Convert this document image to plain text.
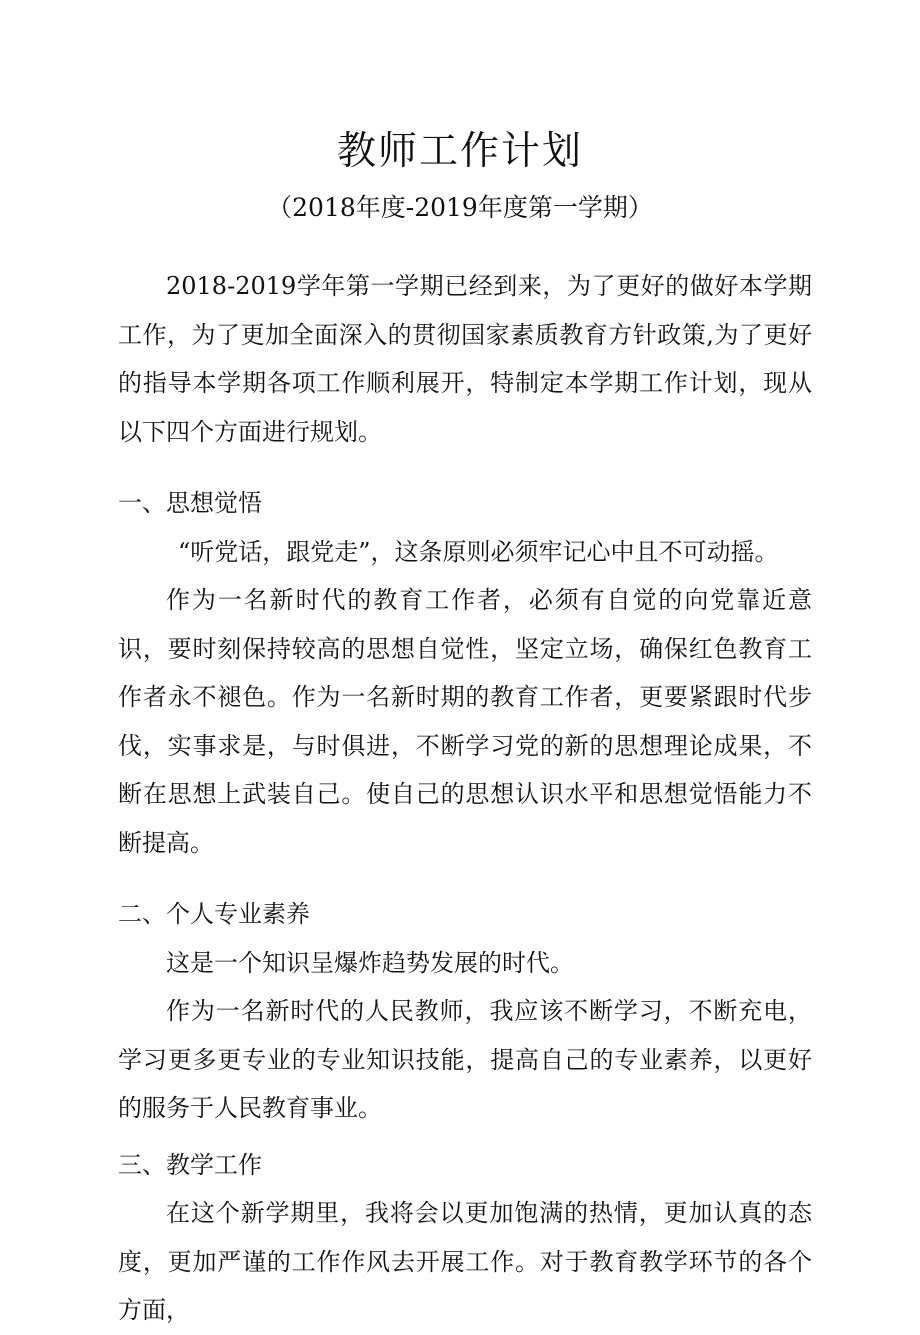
教师工作计划
（2018年度-2019年度第一学期）

2018-2019学年第一学期已经到来，为了更好的做好本学期工作，为了更加全面深入的贯彻国家素质教育方针政策,为了更好的指导本学期各项工作顺利展开，特制定本学期工作计划，现从以下四个方面进行规划。

一、思想觉悟

“听党话，跟党走”，这条原则必须牢记心中且不可动摇。

作为一名新时代的教育工作者，必须有自觉的向党靠近意识，要时刻保持较高的思想自觉性，坚定立场，确保红色教育工作者永不褪色。作为一名新时期的教育工作者，更要紧跟时代步伐，实事求是，与时俱进，不断学习党的新的思想理论成果，不断在思想上武装自己。使自己的思想认识水平和思想觉悟能力不断提高。

二、个人专业素养

这是一个知识呈爆炸趋势发展的时代。

作为一名新时代的人民教师，我应该不断学习，不断充电，学习更多更专业的专业知识技能，提高自己的专业素养，以更好的服务于人民教育事业。

三、教学工作

在这个新学期里，我将会以更加饱满的热情，更加认真的态度，更加严谨的工作作风去开展工作。对于教育教学环节的各个方面，
